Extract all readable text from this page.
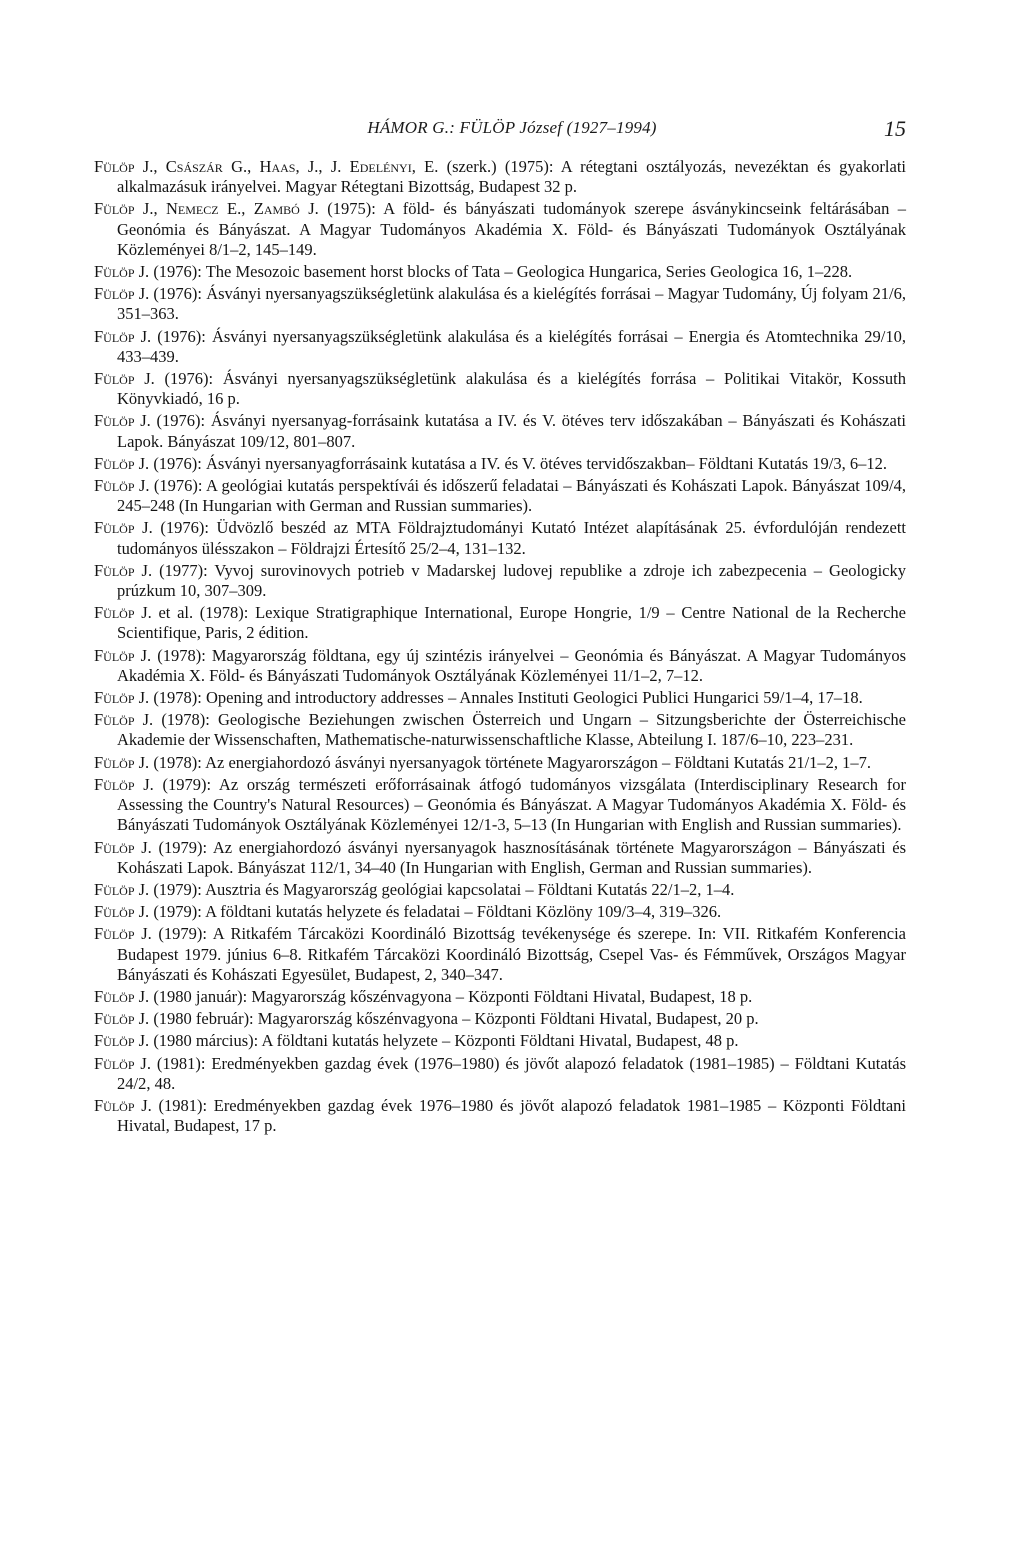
HÁMOR G.: FÜLÖP József (1927–1994)	15
Fülöp J., Császár G., Haas, J., J. Edelényi, E. (szerk.) (1975): A rétegtani osztályozás, nevezéktan és gyakorlati alkalmazásuk irányelvei. Magyar Rétegtani Bizottság, Budapest 32 p.
Fülöp J., Nemecz E., Zambó J. (1975): A föld- és bányászati tudományok szerepe ásványkincseink feltárásában – Geonómia és Bányászat. A Magyar Tudományos Akadémia X. Föld- és Bányászati Tudományok Osztályának Közleményei 8/1–2, 145–149.
Fülöp J. (1976): The Mesozoic basement horst blocks of Tata – Geologica Hungarica, Series Geologica 16, 1–228.
Fülöp J. (1976): Ásványi nyersanyagszükségletünk alakulása és a kielégítés forrásai – Magyar Tudomány, Új folyam 21/6, 351–363.
Fülöp J. (1976): Ásványi nyersanyagszükségletünk alakulása és a kielégítés forrásai – Energia és Atomtechnika 29/10, 433–439.
Fülöp J. (1976): Ásványi nyersanyagszükségletünk alakulása és a kielégítés forrása – Politikai Vitakör, Kossuth Könyvkiadó, 16 p.
Fülöp J. (1976): Ásványi nyersanyag-forrásaink kutatása a IV. és V. ötéves terv időszakában – Bányászati és Kohászati Lapok. Bányászat 109/12, 801–807.
Fülöp J. (1976): Ásványi nyersanyagforrásaink kutatása a IV. és V. ötéves tervidőszakban– Földtani Kutatás 19/3, 6–12.
Fülöp J. (1976): A geológiai kutatás perspektívái és időszerű feladatai – Bányászati és Kohászati Lapok. Bányászat 109/4, 245–248 (In Hungarian with German and Russian summaries).
Fülöp J. (1976): Üdvözlő beszéd az MTA Földrajztudományi Kutató Intézet alapításának 25. évfordulóján rendezett tudományos ülésszakon – Földrajzi Értesítő 25/2–4, 131–132.
Fülöp J. (1977): Vyvoj surovinovych potrieb v Madarskej ludovej republike a zdroje ich zabezpecenia – Geologicky prúzkum 10, 307–309.
Fülöp J. et al. (1978): Lexique Stratigraphique International, Europe Hongrie, 1/9 – Centre National de la Recherche Scientifique, Paris, 2 édition.
Fülöp J. (1978): Magyarország földtana, egy új szintézis irányelvei – Geonómia és Bányászat. A Magyar Tudományos Akadémia X. Föld- és Bányászati Tudományok Osztályának Közleményei 11/1–2, 7–12.
Fülöp J. (1978): Opening and introductory addresses – Annales Instituti Geologici Publici Hungarici 59/1–4, 17–18.
Fülöp J. (1978): Geologische Beziehungen zwischen Österreich und Ungarn – Sitzungsberichte der Österreichische Akademie der Wissenschaften, Mathematische-naturwissenschaftliche Klasse, Abteilung I. 187/6–10, 223–231.
Fülöp J. (1978): Az energiahordozó ásványi nyersanyagok története Magyarországon – Földtani Kutatás 21/1–2, 1–7.
Fülöp J. (1979): Az ország természeti erőforrásainak átfogó tudományos vizsgálata (Interdisciplinary Research for Assessing the Country's Natural Resources) – Geonómia és Bányászat. A Magyar Tudományos Akadémia X. Föld- és Bányászati Tudományok Osztályának Közleményei 12/1-3, 5–13 (In Hungarian with English and Russian summaries).
Fülöp J. (1979): Az energiahordozó ásványi nyersanyagok hasznosításának története Magyarországon – Bányászati és Kohászati Lapok. Bányászat 112/1, 34–40 (In Hungarian with English, German and Russian summaries).
Fülöp J. (1979): Ausztria és Magyarország geológiai kapcsolatai – Földtani Kutatás 22/1–2, 1–4.
Fülöp J. (1979): A földtani kutatás helyzete és feladatai – Földtani Közlöny 109/3–4, 319–326.
Fülöp J. (1979): A Ritkafém Tárcaközi Koordináló Bizottság tevékenysége és szerepe. In: VII. Ritkafém Konferencia Budapest 1979. június 6–8. Ritkafém Tárcaközi Koordináló Bizottság, Csepel Vas- és Fémművek, Országos Magyar Bányászati és Kohászati Egyesület, Budapest, 2, 340–347.
Fülöp J. (1980 január): Magyarország kőszénvagyona – Központi Földtani Hivatal, Budapest, 18 p.
Fülöp J. (1980 február): Magyarország kőszénvagyona – Központi Földtani Hivatal, Budapest, 20 p.
Fülöp J. (1980 március): A földtani kutatás helyzete – Központi Földtani Hivatal, Budapest, 48 p.
Fülöp J. (1981): Eredményekben gazdag évek (1976–1980) és jövőt alapozó feladatok (1981–1985) – Földtani Kutatás 24/2, 48.
Fülöp J. (1981): Eredményekben gazdag évek 1976–1980 és jövőt alapozó feladatok 1981–1985 – Központi Földtani Hivatal, Budapest, 17 p.
